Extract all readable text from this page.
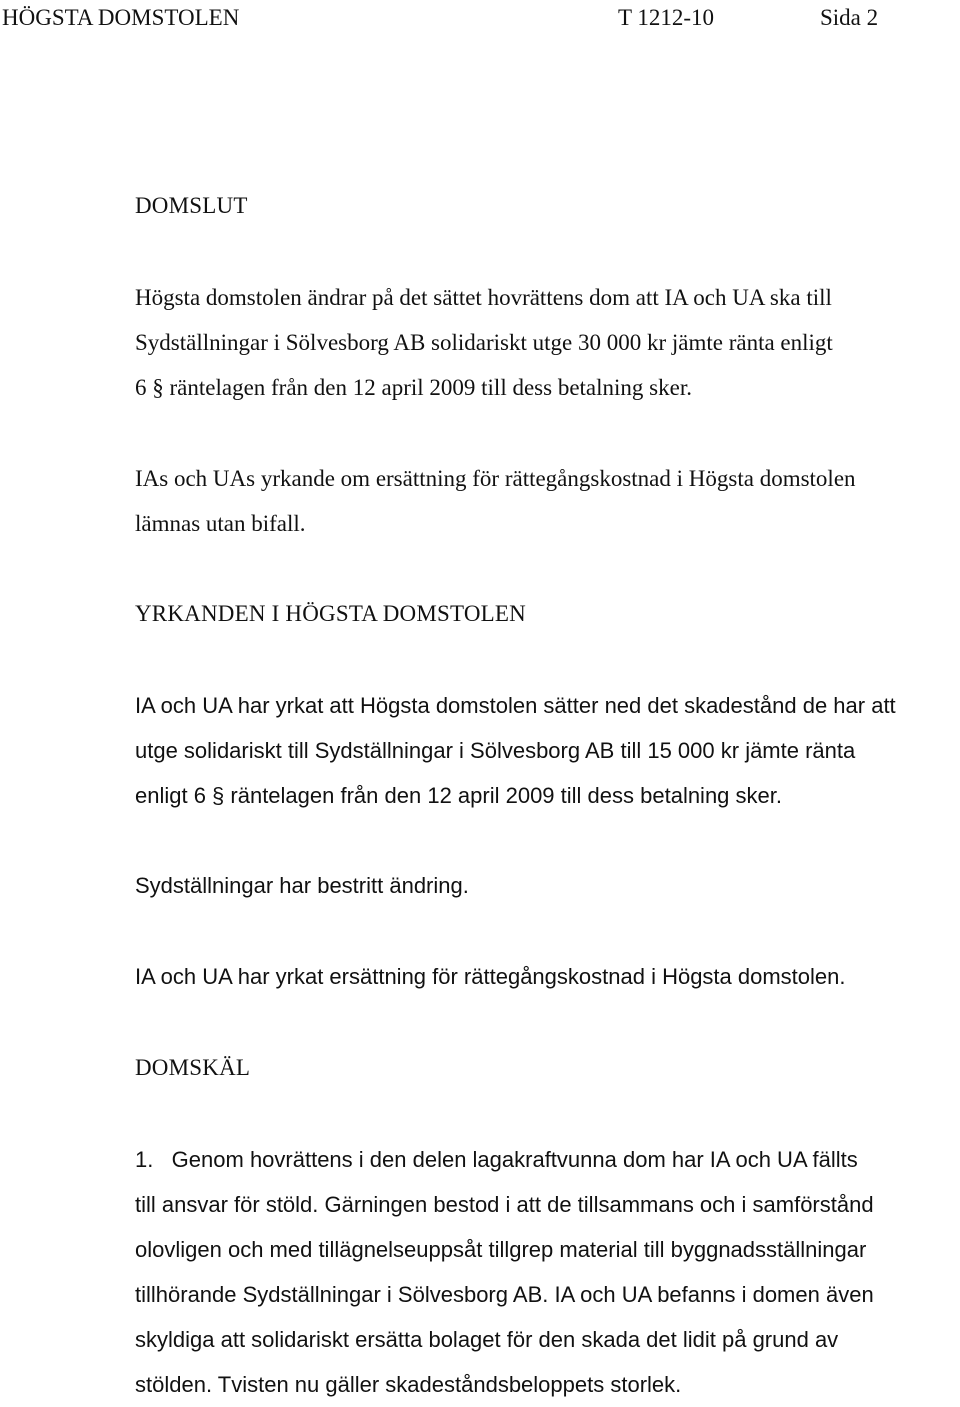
HÖGSTA DOMSTOLEN	T 1212-10	Sida 2
DOMSLUT
Högsta domstolen ändrar på det sättet hovrättens dom att IA och UA ska till
Sydställningar i Sölvesborg AB solidariskt utge 30 000 kr jämte ränta enligt
6 § räntelagen från den 12 april 2009 till dess betalning sker.
IAs och UAs yrkande om ersättning för rättegångskostnad i Högsta domstolen
lämnas utan bifall.
YRKANDEN I HÖGSTA DOMSTOLEN
IA och UA har yrkat att Högsta domstolen sätter ned det skadestånd de har att
utge solidariskt till Sydställningar i Sölvesborg AB till 15 000 kr jämte ränta
enligt 6 § räntelagen från den 12 april 2009 till dess betalning sker.
Sydställningar har bestritt ändring.
IA och UA har yrkat ersättning för rättegångskostnad i Högsta domstolen.
DOMSKÄL
1.   Genom hovrättens i den delen lagakraftvunna dom har IA och UA fällts
till ansvar för stöld. Gärningen bestod i att de tillsammans och i samförstånd
olovligen och med tillägnelseuppsåt tillgrep material till byggnadsställningar
tillhörande Sydställningar i Sölvesborg AB. IA och UA befanns i domen även
skyldiga att solidariskt ersätta bolaget för den skada det lidit på grund av
stölden. Tvisten nu gäller skadeståndsbeloppets storlek.
